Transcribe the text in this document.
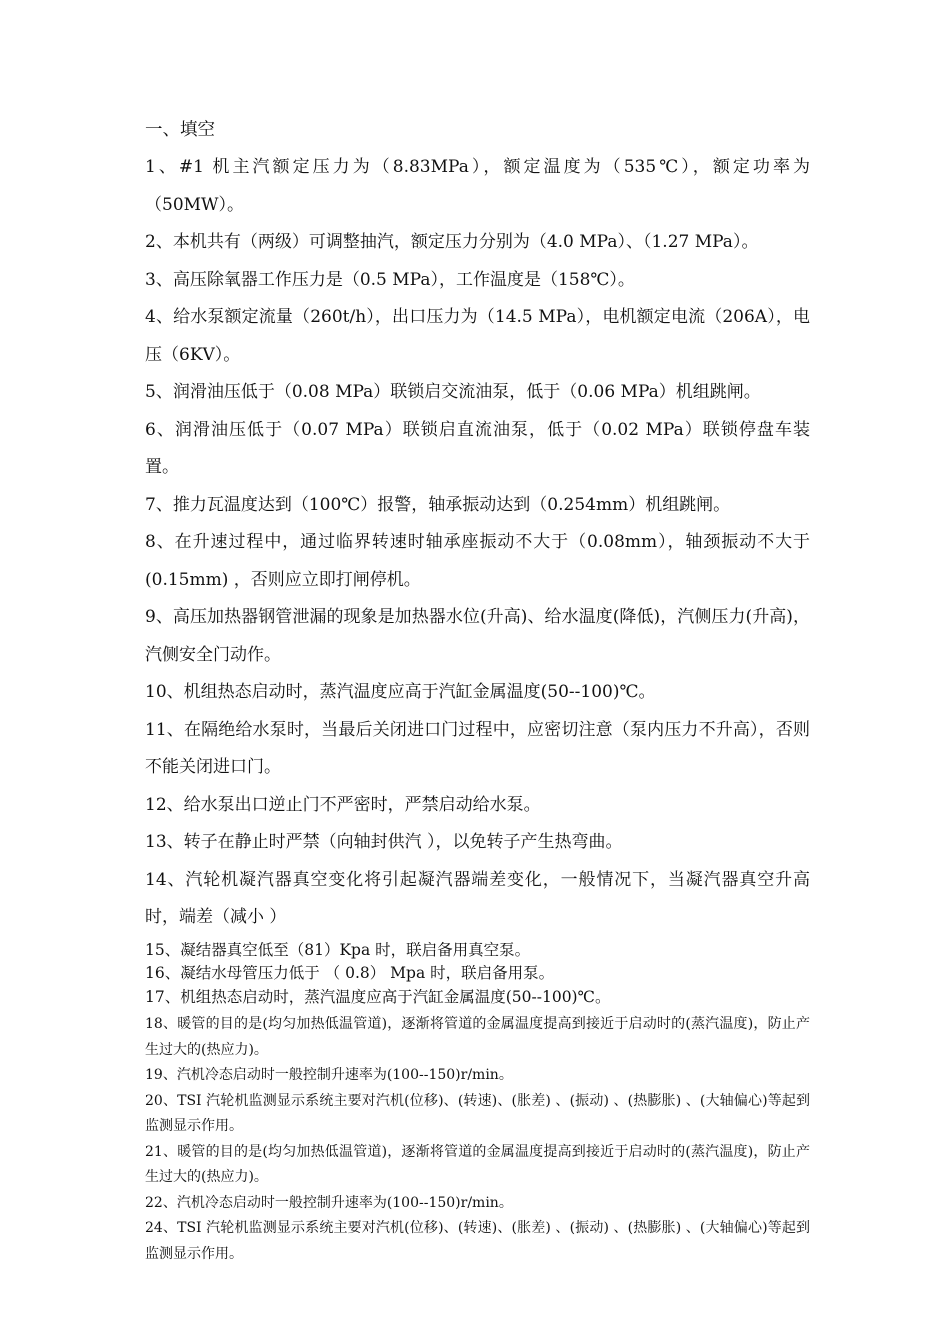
一、填空

1、#1 机主汽额定压力为（8.83MPa），额定温度为（535℃），额定功率为（50MW）。

2、本机共有（两级）可调整抽汽，额定压力分别为（4.0 MPa）、（1.27 MPa）。

3、高压除氧器工作压力是（0.5 MPa），工作温度是（158℃）。

4、给水泵额定流量（260t/h），出口压力为（14.5 MPa），电机额定电流（206A），电压（6KV）。

5、润滑油压低于（0.08 MPa）联锁启交流油泵，低于（0.06 MPa）机组跳闸。

6、润滑油压低于（0.07 MPa）联锁启直流油泵，低于（0.02 MPa）联锁停盘车装置。

7、推力瓦温度达到（100℃）报警，轴承振动达到（0.254mm）机组跳闸。

8、在升速过程中，通过临界转速时轴承座振动不大于（0.08mm），轴颈振动不大于(0.15mm) ，否则应立即打闸停机。

9、高压加热器钢管泄漏的现象是加热器水位(升高)、给水温度(降低)，汽侧压力(升高)，汽侧安全门动作。

10、机组热态启动时，蒸汽温度应高于汽缸金属温度(50--100)℃。

11、在隔绝给水泵时，当最后关闭进口门过程中，应密切注意（泵内压力不升高），否则不能关闭进口门。

12、给水泵出口逆止门不严密时，严禁启动给水泵。

13、转子在静止时严禁（向轴封供汽 ），以免转子产生热弯曲。

14、汽轮机凝汽器真空变化将引起凝汽器端差变化，一般情况下，当凝汽器真空升高时，端差（减小 ）

15、凝结器真空低至（81）Kpa 时，联启备用真空泵。

16、凝结水母管压力低于 （ 0.8） Mpa 时，联启备用泵。

17、机组热态启动时，蒸汽温度应高于汽缸金属温度(50--100)℃。

18、暖管的目的是(均匀加热低温管道)，逐渐将管道的金属温度提高到接近于启动时的(蒸汽温度)，防止产生过大的(热应力)。

19、汽机冷态启动时一般控制升速率为(100--150)r/min。

20、TSI 汽轮机监测显示系统主要对汽机(位移)、(转速)、(胀差) 、(振动) 、(热膨胀) 、(大轴偏心)等起到监测显示作用。

21、暖管的目的是(均匀加热低温管道)，逐渐将管道的金属温度提高到接近于启动时的(蒸汽温度)，防止产生过大的(热应力)。

22、汽机冷态启动时一般控制升速率为(100--150)r/min。

24、TSI 汽轮机监测显示系统主要对汽机(位移)、(转速)、(胀差) 、(振动) 、(热膨胀) 、(大轴偏心)等起到监测显示作用。
